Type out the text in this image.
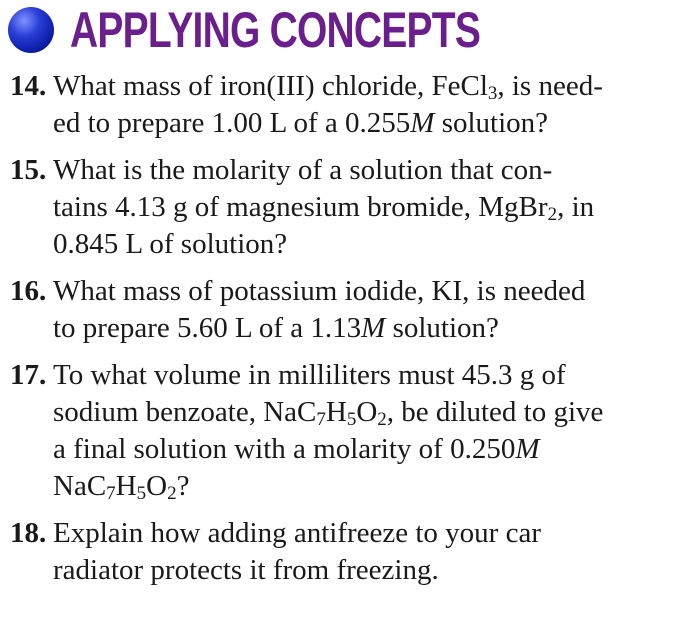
APPLYING CONCEPTS
14. What mass of iron(III) chloride, FeCl$_3$, is need-
ed to prepare 1.00 L of a 0.255M solution?
15. What is the molarity of a solution that con-
tains 4.13 g of magnesium bromide, MgBr$_2$, in
0.845 L of solution?
16. What mass of potassium iodide, KI, is needed
to prepare 5.60 L of a 1.13M solution?
17. To what volume in milliliters must 45.3 g of
sodium benzoate, $NaC_7H_5O_2$, be diluted to give
a final solution with a molarity of 0.250M
$NaC_7H_5O_2$?
18. Explain how adding antifreeze to your car
radiator protects it from freezing.
